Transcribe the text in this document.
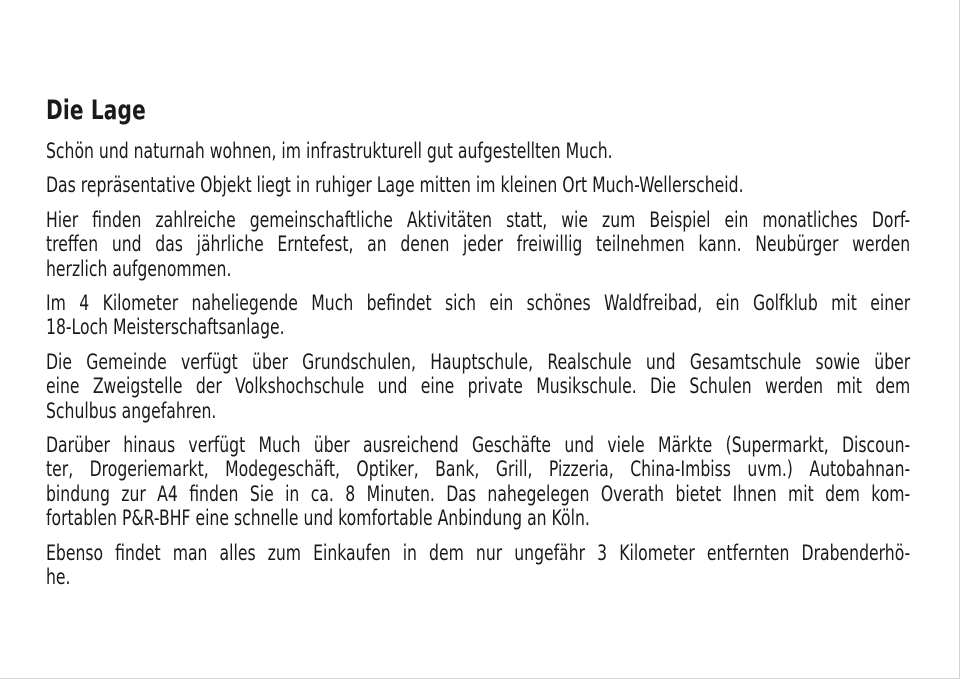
Die Lage
Schön und naturnah wohnen, im infrastrukturell gut aufgestellten Much.
Das repräsentative Objekt liegt in ruhiger Lage mitten im kleinen Ort Much-Wellerscheid.
Hier finden zahlreiche gemeinschaftliche Aktivitäten statt, wie zum Beispiel ein monatliches Dorf-
treffen und das jährliche Erntefest, an denen jeder freiwillig teilnehmen kann. Neubürger werden
herzlich aufgenommen.
Im 4 Kilometer naheliegende Much befindet sich ein schönes Waldfreibad, ein Golfklub mit einer
18-Loch Meisterschaftsanlage.
Die Gemeinde verfügt über Grundschulen, Hauptschule, Realschule und Gesamtschule sowie über
eine Zweigstelle der Volkshochschule und eine private Musikschule. Die Schulen werden mit dem
Schulbus angefahren.
Darüber hinaus verfügt Much über ausreichend Geschäfte und viele Märkte (Supermarkt, Discoun-
ter, Drogeriemarkt, Modegeschäft, Optiker, Bank, Grill, Pizzeria, China-Imbiss uvm.) Autobahnan-
bindung zur A4 finden Sie in ca. 8 Minuten. Das nahegelegen Overath bietet Ihnen mit dem kom-
fortablen P&R-BHF eine schnelle und komfortable Anbindung an Köln.
Ebenso findet man alles zum Einkaufen in dem nur ungefähr 3 Kilometer entfernten Drabenderhö-
he.
